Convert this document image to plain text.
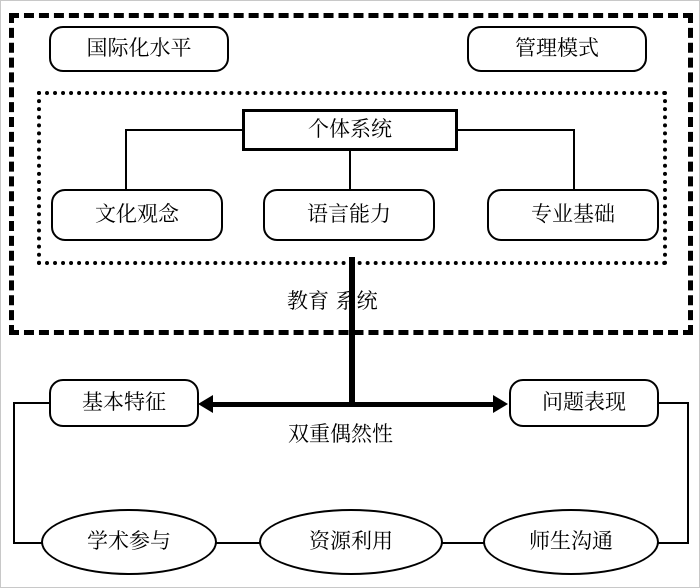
国际化水平	管理模式
个体系统
文化观念	语言能力	专业基础
教育 系统
双重偶然性
基本特征	问题表现
学术参与	资源利用	师生沟通
